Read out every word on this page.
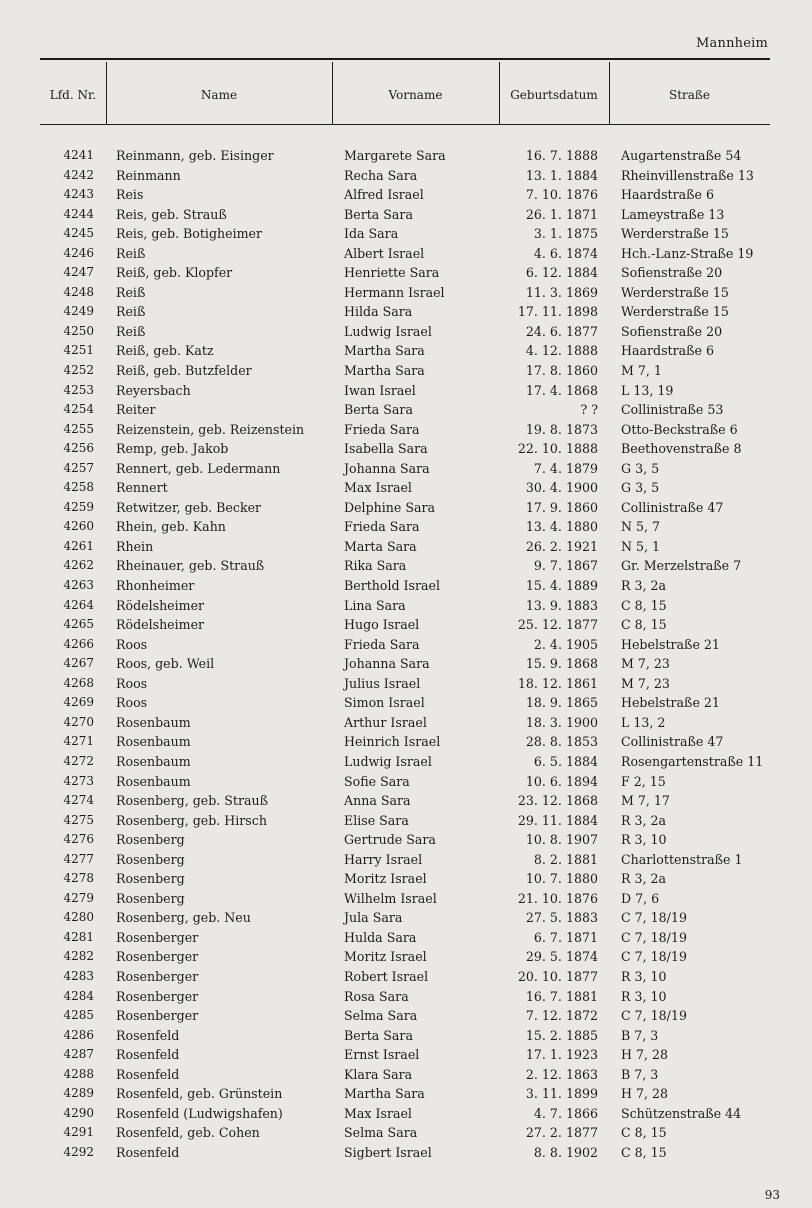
Mannheim
Lfd. Nr.	Name	Vorname	Geburtsdatum	Straße
4241 Reinmann, geb. Eisinger	Margarete Sara	16. 7. 1888 Augartenstraße 54
4242 Reinmann	Recha Sara	13. 1. 1884 Rheinvillenstraße 13
4243 Reis	Alfred Israel	7. 10. 1876 Haardstraße 6
4244 Reis, geb. Strauß	Berta Sara	26. 1. 1871 Lameystraße 13
4245 Reis, geb. Botigheimer	Ida Sara	3. 1. 1875 Werderstraße 15
4246 Reiß	Albert Israel	4. 6. 1874 Hch.-Lanz-Straße 19
4247 Reiß, geb. Klopfer	Henriette Sara	6. 12. 1884 Sofienstraße 20
4248 Reiß	Hermann Israel	11. 3. 1869 Werderstraße 15
4249 Reiß	Hilda Sara	17. 11. 1898 Werderstraße 15
4250 Reiß	Ludwig Israel	24. 6. 1877 Sofienstraße 20
4251 Reiß, geb. Katz	Martha Sara	4. 12. 1888 Haardstraße 6
4252 Reiß, geb. Butzfelder	Martha Sara	17. 8. 1860 M 7, 1
4253 Reyersbach	Iwan Israel	17. 4. 1868 L 13, 19
4254 Reiter	Berta Sara	? ? Collinistraße 53
4255 Reizenstein, geb. Reizenstein	Frieda Sara	19. 8. 1873 Otto-Beckstraße 6
4256 Remp, geb. Jakob	Isabella Sara	22. 10. 1888 Beethovenstraße 8
4257 Rennert, geb. Ledermann	Johanna Sara	7. 4. 1879 G 3, 5
4258 Rennert	Max Israel	30. 4. 1900 G 3, 5
4259 Retwitzer, geb. Becker	Delphine Sara	17. 9. 1860 Collinistraße 47
4260 Rhein, geb. Kahn	Frieda Sara	13. 4. 1880 N 5, 7
4261 Rhein	Marta Sara	26. 2. 1921 N 5, 1
4262 Rheinauer, geb. Strauß	Rika Sara	9. 7. 1867 Gr. Merzelstraße 7
4263 Rhonheimer	Berthold Israel	15. 4. 1889 R 3, 2a
4264 Rödelsheimer	Lina Sara	13. 9. 1883 C 8, 15
4265 Rödelsheimer	Hugo Israel	25. 12. 1877 C 8, 15
4266 Roos	Frieda Sara	2. 4. 1905 Hebelstraße 21
4267 Roos, geb. Weil	Johanna Sara	15. 9. 1868 M 7, 23
4268 Roos	Julius Israel	18. 12. 1861 M 7, 23
4269 Roos	Simon Israel	18. 9. 1865 Hebelstraße 21
4270 Rosenbaum	Arthur Israel	18. 3. 1900 L 13, 2
4271 Rosenbaum	Heinrich Israel	28. 8. 1853 Collinistraße 47
4272 Rosenbaum	Ludwig Israel	6. 5. 1884 Rosengartenstraße 11
4273 Rosenbaum	Sofie Sara	10. 6. 1894 F 2, 15
4274 Rosenberg, geb. Strauß	Anna Sara	23. 12. 1868 M 7, 17
4275 Rosenberg, geb. Hirsch	Elise Sara	29. 11. 1884 R 3, 2a
4276 Rosenberg	Gertrude Sara	10. 8. 1907 R 3, 10
4277 Rosenberg	Harry Israel	8. 2. 1881 Charlottenstraße 1
4278 Rosenberg	Moritz Israel	10. 7. 1880 R 3, 2a
4279 Rosenberg	Wilhelm Israel	21. 10. 1876 D 7, 6
4280 Rosenberg, geb. Neu	Jula Sara	27. 5. 1883 C 7, 18/19
4281 Rosenberger	Hulda Sara	6. 7. 1871 C 7, 18/19
4282 Rosenberger	Moritz Israel	29. 5. 1874 C 7, 18/19
4283 Rosenberger	Robert Israel	20. 10. 1877 R 3, 10
4284 Rosenberger	Rosa Sara	16. 7. 1881 R 3, 10
4285 Rosenberger	Selma Sara	7. 12. 1872 C 7, 18/19
4286 Rosenfeld	Berta Sara	15. 2. 1885 B 7, 3
4287 Rosenfeld	Ernst Israel	17. 1. 1923 H 7, 28
4288 Rosenfeld	Klara Sara	2. 12. 1863 B 7, 3
4289 Rosenfeld, geb. Grünstein	Martha Sara	3. 11. 1899 H 7, 28
4290 Rosenfeld (Ludwigshafen)	Max Israel	4. 7. 1866 Schützenstraße 44
4291 Rosenfeld, geb. Cohen	Selma Sara	27. 2. 1877 C 8, 15
4292 Rosenfeld	Sigbert Israel	8. 8. 1902 C 8, 15
93
